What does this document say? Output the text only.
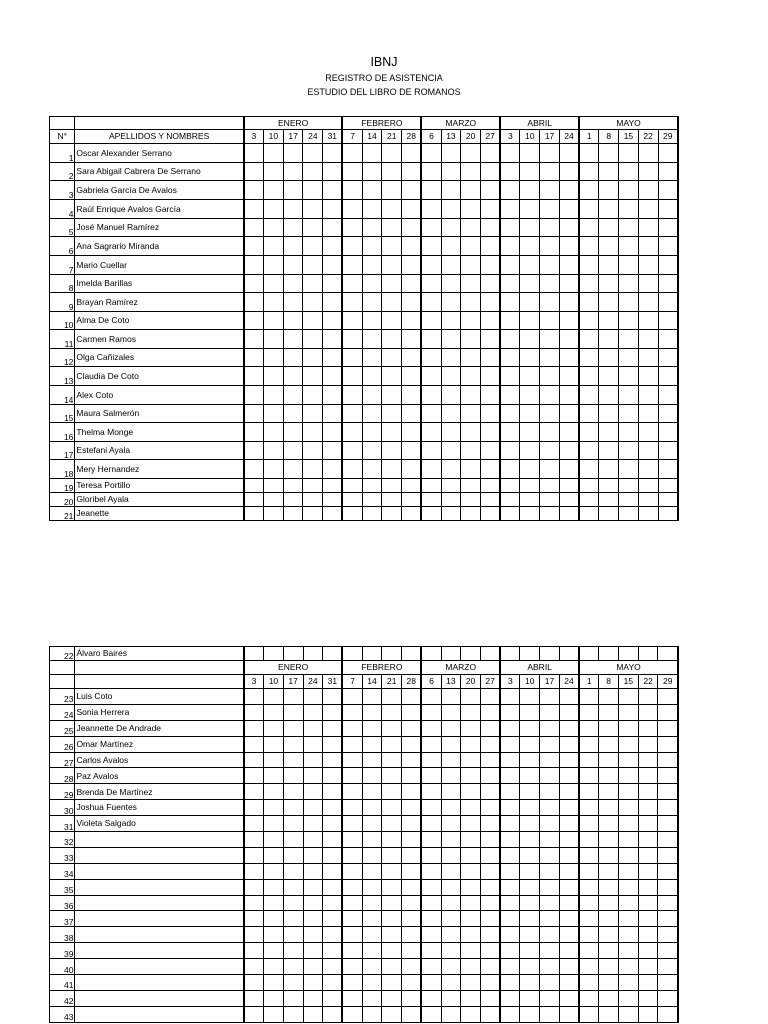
IBNJ
REGISTRO DE ASISTENCIA
ESTUDIO DEL LIBRO DE ROMANOS
		ENERO					FEBRERO				MARZO				ABRIL				MAYO				
N°	APELLIDOS Y NOMBRES	3	10	17	24	31	7	14	21	28	6	13	20	27	3	10	17	24	1	8	15	22	29
1	Oscar Alexander Serrano																						
2	Sara Abigail Cabrera De Serrano																						
3	Gabriela García De Avalos																						
4	Raúl Enrique Avalos García																						
5	José Manuel Ramírez																						
6	Ana Sagrario Miranda																						
7	Mario Cuellar																						
8	Imelda Barillas																						
9	Brayan Ramírez																						
10	Alma De Coto																						
11	Carmen Ramos																						
12	Olga Cañizales																						
13	Claudia De Coto																						
14	Alex Coto																						
15	Maura Salmerón																						
16	Thelma Monge																						
17	Estefani Ayala																						
18	Mery Hernandez																						
19	Teresa Portillo																						
20	Gloribel Ayala																						
21	Jeanette																						
22	Álvaro Baires																						
		ENERO					FEBRERO				MARZO				ABRIL				MAYO				
		3	10	17	24	31	7	14	21	28	6	13	20	27	3	10	17	24	1	8	15	22	29
23	Luis Coto																						
24	Sonia Herrera																						
25	Jeannette De Andrade																						
26	Omar Martínez																						
27	Carlos Avalos																						
28	Paz Avalos																						
29	Brenda De Martínez																						
30	Joshua Fuentes																						
31	Violeta Salgado																						
32																							
33																							
34																							
35																							
36																							
37																							
38																							
39																							
40																							
41																							
42																							
43																							
